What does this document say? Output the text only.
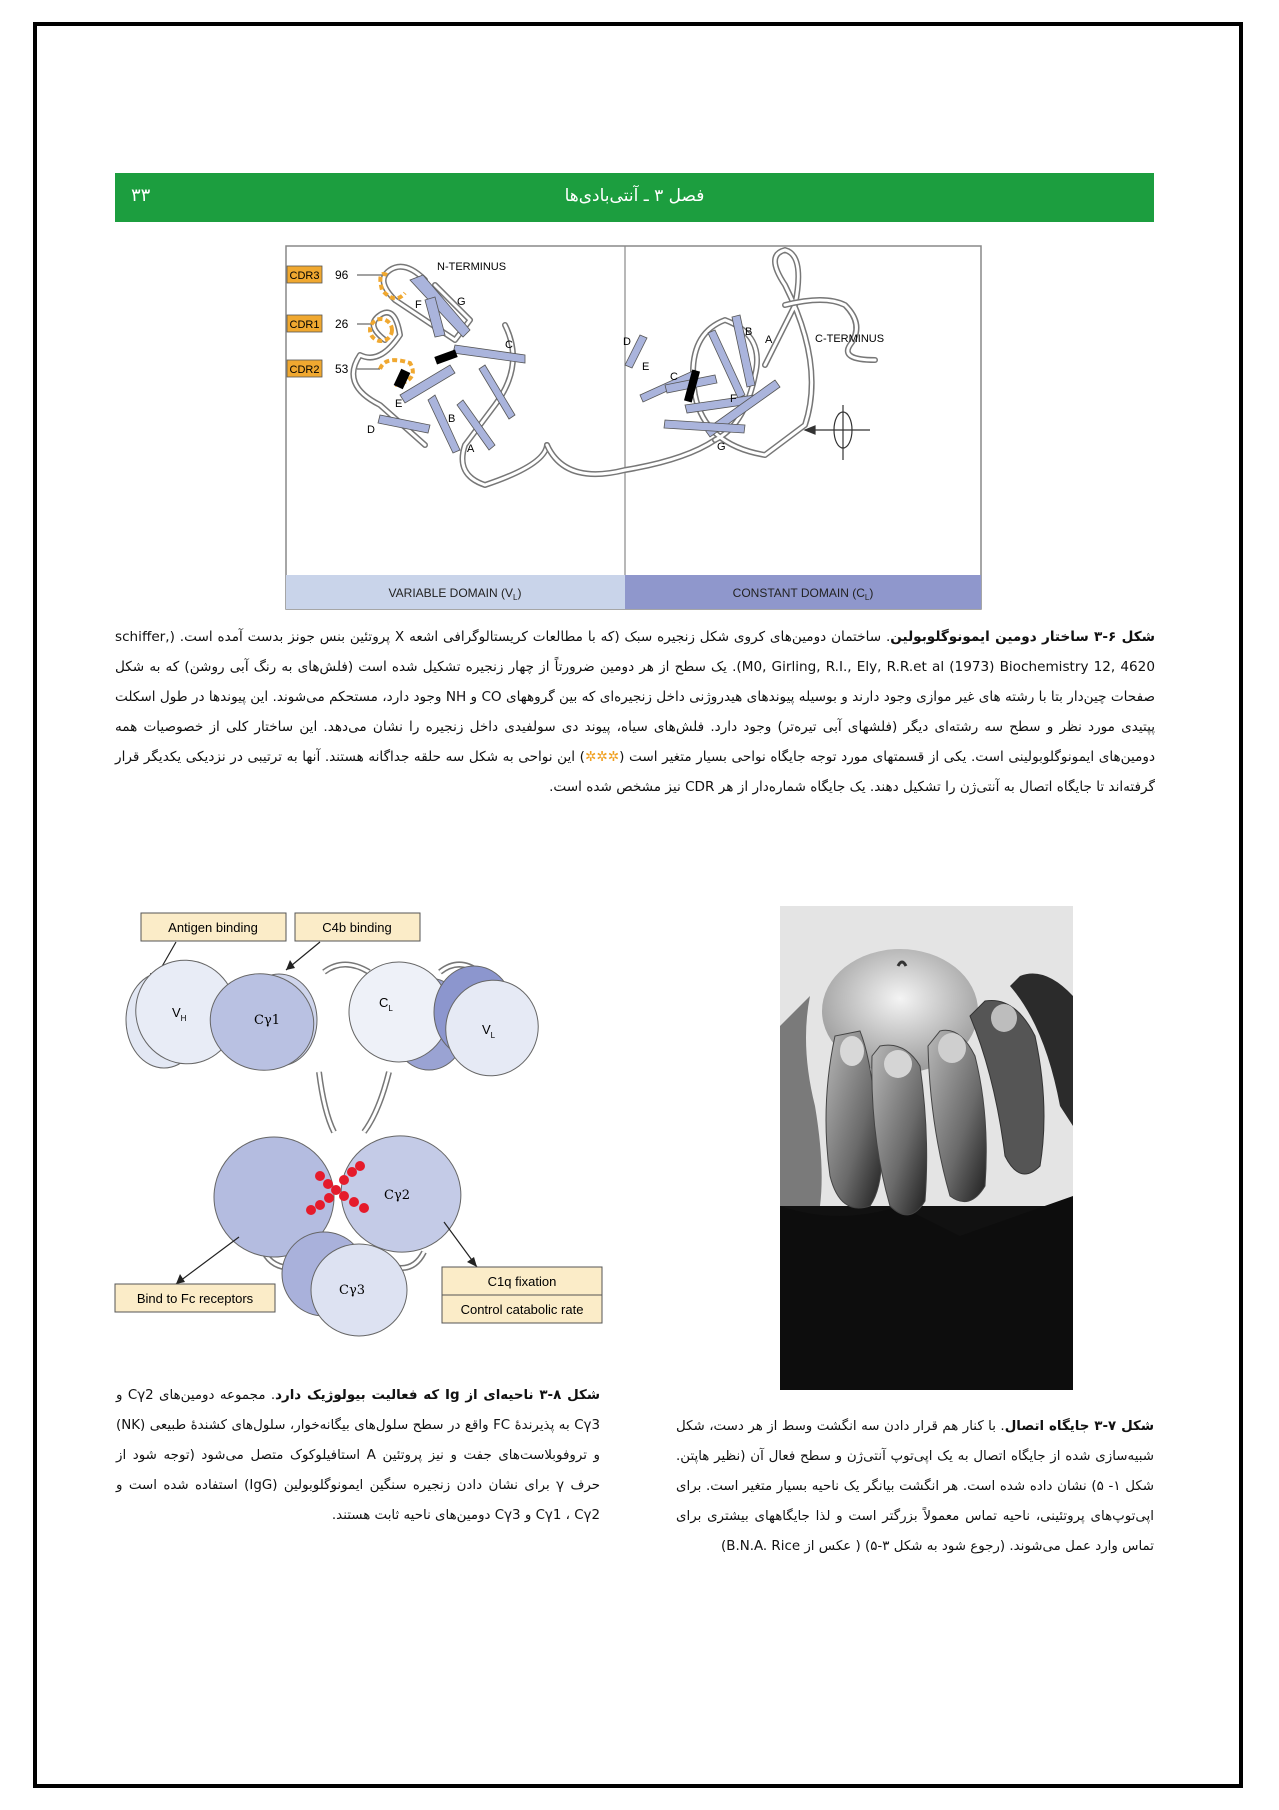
۳۳	فصل ۳ ـ آنتی‌بادی‌ها
VARIABLE DOMAIN $(V_L)$	CONSTANT DOMAIN $(C_L)$
CDR3 96
CDR1 26
CDR2 53
F	G
C
E
D
B
A
N-TERMINUS
D
E
C
B
A
F
G
C-TERMINUS
شکل ۶-۳ ساختار دومین ایمونوگلوبولین. ساختمان دومین‌های کروی شکل زنجیره سبک (که با مطالعات کریستالوگرافی اشعه X پروتئین بنس جونز بدست آمده است. (schiffer, M0, Girling, R.I., Ely, R.R.et al (1973) Biochemistry 12, 4620). یک سطح از هر دومین ضرورتاً از چهار زنجیره تشکیل شده است (فلش‌های به رنگ آبی روشن) که به شکل صفحات چین‌دار بتا با رشته های غیر موازی وجود دارند و بوسیله پیوندهای هیدروژنی داخل زنجیره‌ای که بین گروههای CO و NH وجود دارد، مستحکم می‌شوند. این پیوندها در طول اسکلت پپتیدی مورد نظر و سطح سه رشته‌ای دیگر (فلشهای آبی تیره‌تر) وجود دارد. فلش‌های سیاه، پیوند دی سولفیدی داخل زنجیره را نشان می‌دهد. این ساختار کلی از خصوصیات همه دومین‌های ایمونوگلوبولینی است. یکی از قسمتهای مورد توجه جایگاه نواحی بسیار متغیر است (✲✲✲) این نواحی به شکل سه حلقه جداگانه هستند. آنها به ترتیبی در نزدیکی یکدیگر قرار گرفته‌اند تا جایگاه اتصال به آنتی‌ژن را تشکیل دهند. یک جایگاه شماره‌دار از هر CDR نیز مشخص شده است.
Antigen binding	C4b binding
$V_H$	Cγ1
$C_L$
$V_L$
Cγ2
Cγ3
Bind to Fc receptors
C1q fixation
Control catabolic rate
شکل ۸-۳ ناحیه‌ای از Ig که فعالیت بیولوژیک دارد. مجموعه دومین‌های Cγ2 و Cγ3 به پذیرندهٔ FC واقع در سطح سلول‌های بیگانه‌خوار، سلول‌های کشندهٔ طبیعی (NK) و تروفوبلاست‌های جفت و نیز پروتئین A استافیلوکوک متصل می‌شود (توجه شود از حرف γ برای نشان دادن زنجیره سنگین ایمونوگلوبولین (IgG) استفاده شده است و Cγ1 ، Cγ2 و Cγ3 دومین‌های ناحیه ثابت هستند.
شکل ۷-۳ جایگاه اتصال. با کنار هم قرار دادن سه انگشت وسط از هر دست، شکل شبیه‌سازی شده از جایگاه اتصال به یک اپی‌توپ آنتی‌ژن و سطح فعال آن (نظیر هاپتن. شکل ۱- ۵) نشان داده شده است. هر انگشت بیانگر یک ناحیه بسیار متغیر است. برای اپی‌توپ‌های پروتئینی، ناحیه تماس معمولاً بزرگتر است و لذا جایگاههای بیشتری برای تماس وارد عمل می‌شوند. (رجوع شود به شکل ۳-۵) ( عکس از B.N.A. Rice)
